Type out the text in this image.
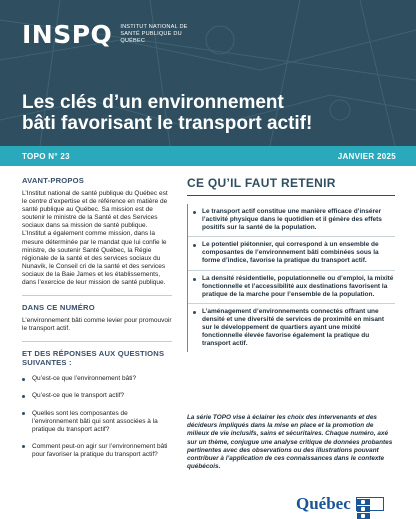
INSPQ INSTITUT NATIONAL DE SANTÉ PUBLIQUE DU QUÉBEC
Les clés d’un environnement
bâti favorisant le transport actif!
TOPO N° 23	JANVIER 2025
AVANT-PROPOS

L’Institut national de santé publique du Québec est le centre d’expertise et de référence en matière de santé publique au Québec. Sa mission est de soutenir le ministre de la Santé et des Services sociaux dans sa mission de santé publique. L’Institut a également comme mission, dans la mesure déterminée par le mandat que lui confie le ministre, de soutenir Santé Québec, la Régie régionale de la santé et des services sociaux du Nunavik, le Conseil cri de la santé et des services sociaux de la Baie James et les établissements, dans l’exercice de leur mission de santé publique.

DANS CE NUMÉRO

L’environnement bâti comme levier pour promouvoir le transport actif.

ET DES RÉPONSES AUX QUESTIONS SUIVANTES :
Qu’est-ce que l’environnement bâti?
Qu’est-ce que le transport actif?
Quelles sont les composantes de l’environnement bâti qui sont associées à la pratique du transport actif?
Comment peut-on agir sur l’environnement bâti pour favoriser la pratique du transport actif?
CE QU’IL FAUT RETENIR
Le transport actif constitue une manière efficace d’insérer l’activité physique dans le quotidien et il génère des effets positifs sur la santé de la population.
Le potentiel piétonnier, qui correspond à un ensemble de composantes de l’environnement bâti combinées sous la forme d’indice, favorise la pratique du transport actif.
La densité résidentielle, populationnelle ou d’emploi, la mixité fonctionnelle et l’accessibilité aux destinations favorisent la pratique de la marche pour l’ensemble de la population.
L’aménagement d’environnements connectés offrant une densité et une diversité de services de proximité en misant sur le développement de quartiers ayant une mixité fonctionnelle élevée favorise également la pratique du transport actif.

La série TOPO vise à éclairer les choix des intervenants et des décideurs impliqués dans la mise en place et la promotion de milieux de vie inclusifs, sains et sécuritaires. Chaque numéro, axé sur un thème, conjugue une analyse critique de données probantes pertinentes avec des observations ou des illustrations pouvant contribuer à l’application de ces connaissances dans le contexte québécois.

Québec
